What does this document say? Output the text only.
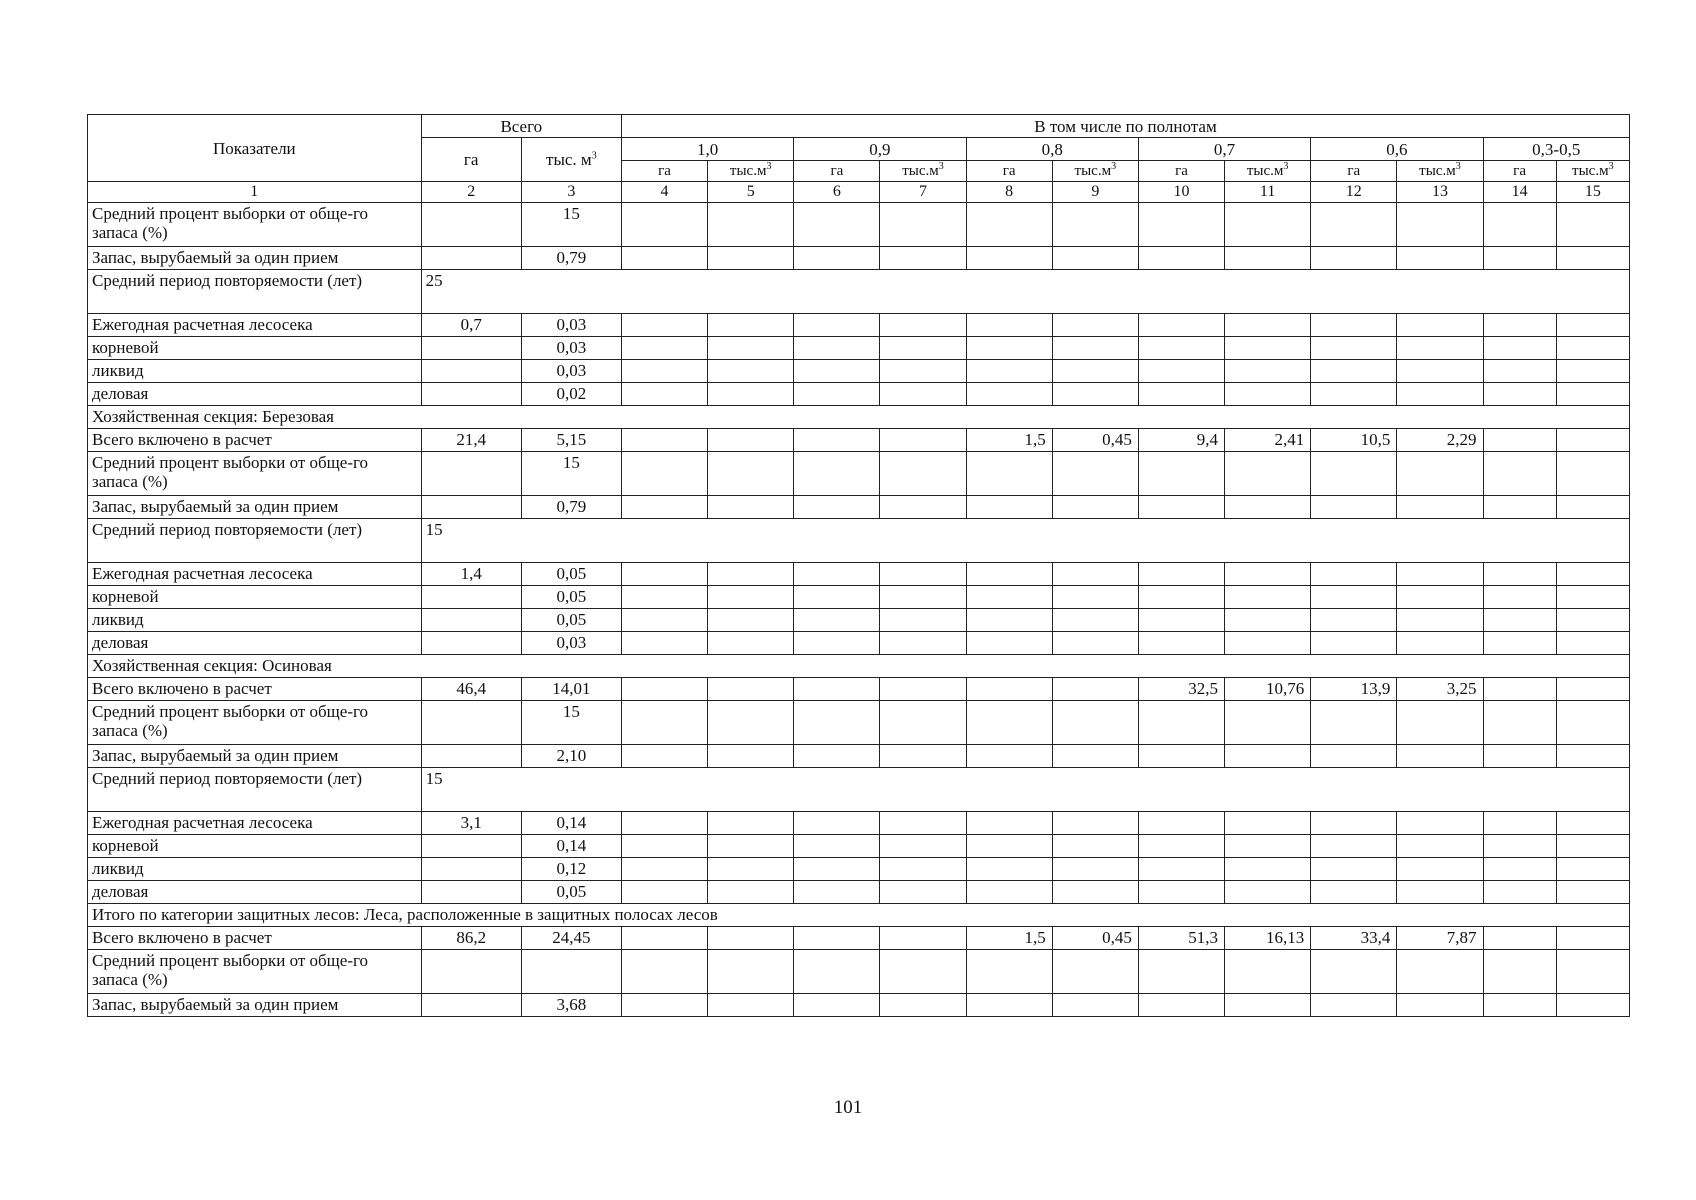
Показатели	Всего		В том числе по полнотам											
	га	тыс. $м^3$	1,0		0,9		0,8		0,7		0,6		0,3-0,5	
			га	$тыс.м^3$	га	$тыс.м^3$	га	$тыс.м^3$	га	$тыс.м^3$	га	$тыс.м^3$	га	$тыс.м^3$
1	2	3	4	5	6	7	8	9	10	11	12	13	14	15
Средний процент выборки от обще-го запаса (%)		15												
Запас, вырубаемый за один прием		0,79												
Средний период повторяемости (лет)	25													
Ежегодная расчетная лесосека	0,7	0,03												
корневой		0,03												
ликвид		0,03												
деловая		0,02												
Хозяйственная секция: Березовая														
Всего включено в расчет	21,4	5,15					1,5	0,45	9,4	2,41	10,5	2,29		
Средний процент выборки от обще-го запаса (%)		15												
Запас, вырубаемый за один прием		0,79												
Средний период повторяемости (лет)	15													
Ежегодная расчетная лесосека	1,4	0,05												
корневой		0,05												
ликвид		0,05												
деловая		0,03												
Хозяйственная секция: Осиновая														
Всего включено в расчет	46,4	14,01							32,5	10,76	13,9	3,25		
Средний процент выборки от обще-го запаса (%)		15												
Запас, вырубаемый за один прием		2,10												
Средний период повторяемости (лет)	15													
Ежегодная расчетная лесосека	3,1	0,14												
корневой		0,14												
ликвид		0,12												
деловая		0,05												
Итого по категории защитных лесов: Леса, расположенные в защитных полосах лесов														
Всего включено в расчет	86,2	24,45					1,5	0,45	51,3	16,13	33,4	7,87		
Средний процент выборки от обще-го запаса (%)														
Запас, вырубаемый за один прием		3,68												
101
